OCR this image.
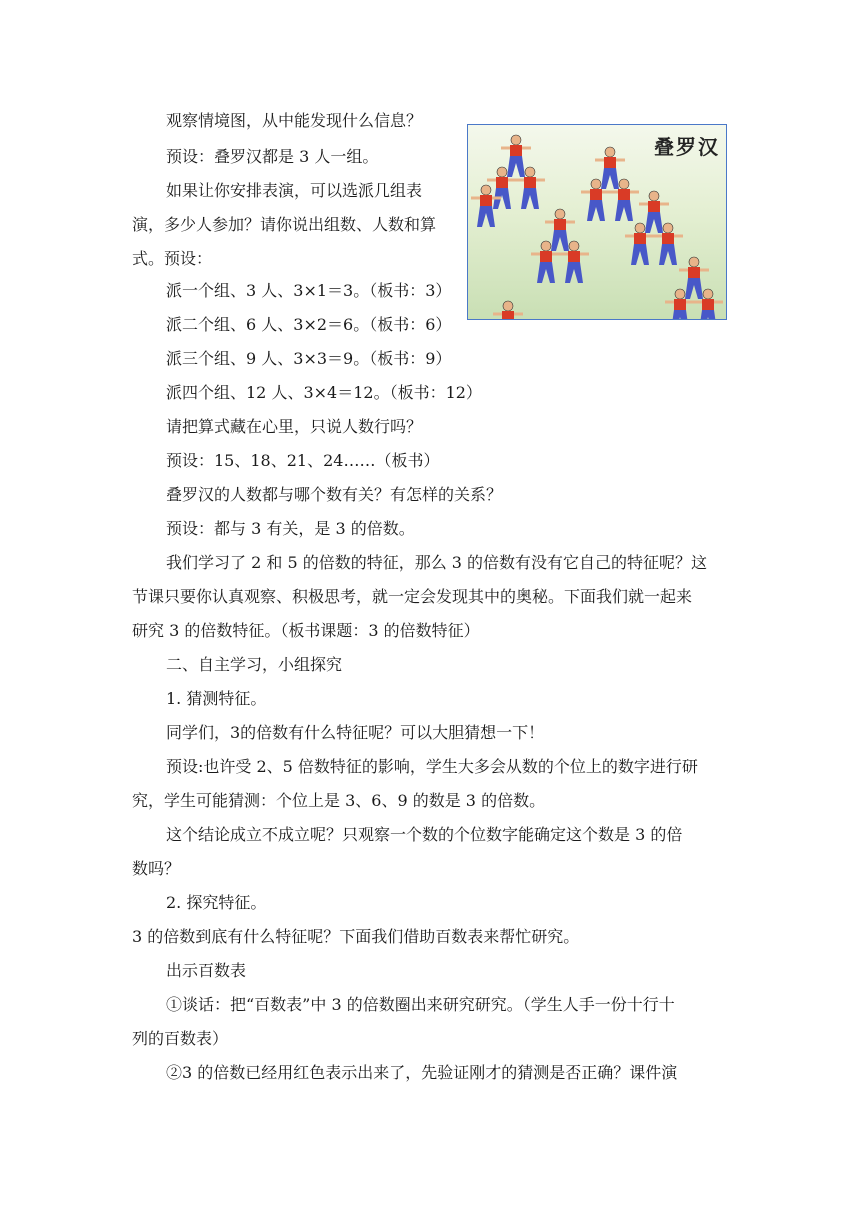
叠罗汉
观察情境图，从中能发现什么信息？
预设：叠罗汉都是 3 人一组。
如果让你安排表演，可以选派几组表
演，多少人参加？请你说出组数、人数和算
式。预设：
派一个组、3 人、3×1＝3。（板书：3）
派二个组、6 人、3×2＝6。（板书：6）
派三个组、9 人、3×3＝9。（板书：9）
派四个组、12 人、3×4＝12。（板书：12）
请把算式藏在心里，只说人数行吗？
预设：15、18、21、24……（板书）
叠罗汉的人数都与哪个数有关？有怎样的关系？
预设：都与 3 有关，是 3 的倍数。
我们学习了 2 和 5 的倍数的特征，那么 3 的倍数有没有它自己的特征呢？这
节课只要你认真观察、积极思考，就一定会发现其中的奥秘。下面我们就一起来
研究 3 的倍数特征。（板书课题：3 的倍数特征）
二、自主学习，小组探究
1. 猜测特征。
同学们，3的倍数有什么特征呢？可以大胆猜想一下！
预设:也许受 2、5 倍数特征的影响，学生大多会从数的个位上的数字进行研
究，学生可能猜测：个位上是 3、6、9 的数是 3 的倍数。
这个结论成立不成立呢？只观察一个数的个位数字能确定这个数是 3 的倍
数吗？
2. 探究特征。
3 的倍数到底有什么特征呢？下面我们借助百数表来帮忙研究。
出示百数表
①谈话：把“百数表”中 3 的倍数圈出来研究研究。（学生人手一份十行十
列的百数表）
②3 的倍数已经用红色表示出来了，先验证刚才的猜测是否正确？课件演
